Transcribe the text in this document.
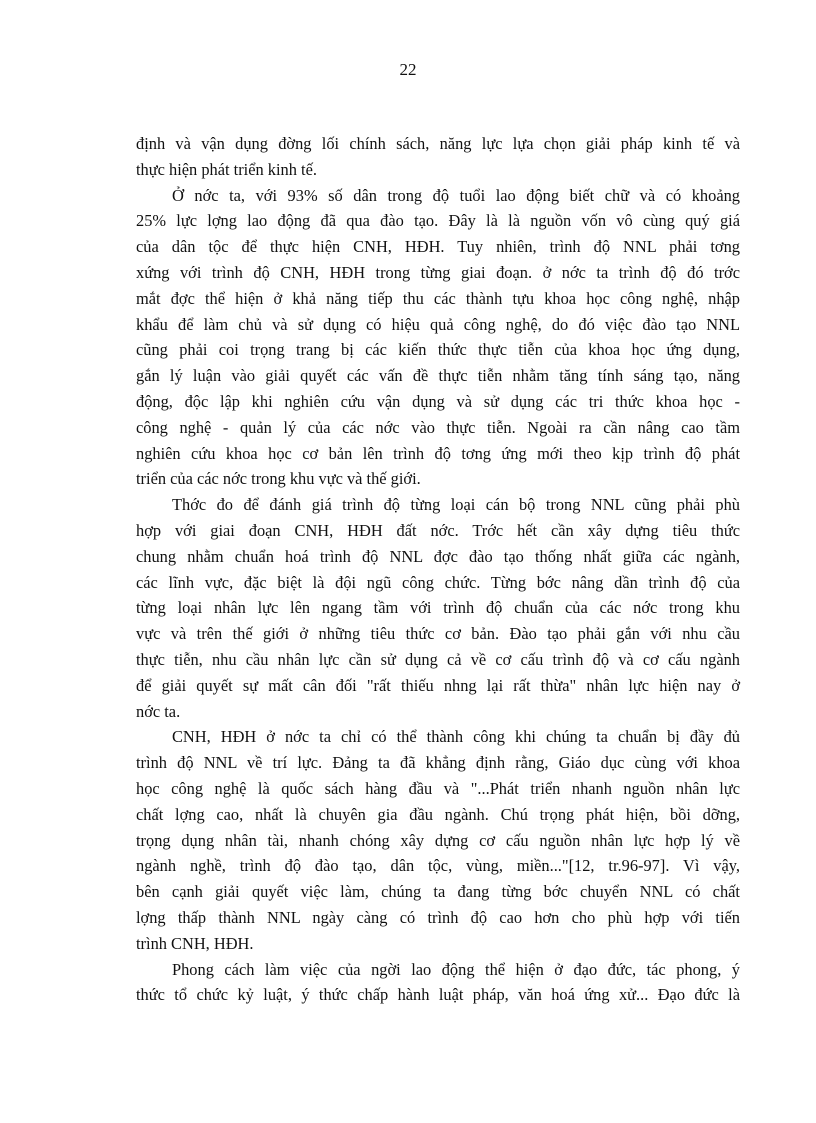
22
định và vận dụng đờng lối chính sách, năng lực lựa chọn giải pháp kinh tế và
thực hiện phát triển kinh tế.
Ở nớc ta, với 93% số dân trong độ tuổi lao động biết chữ và có khoảng
25% lực lợng lao động đã qua đào tạo. Đây là là nguồn vốn vô cùng quý giá
của dân tộc để thực hiện CNH, HĐH. Tuy nhiên, trình độ NNL phải tơng
xứng với trình độ CNH, HĐH trong từng giai đoạn. ở nớc ta trình độ đó trớc
mắt đợc thể hiện ở khả năng tiếp thu các thành tựu khoa học công nghệ, nhập
khẩu để làm chủ và sử dụng có hiệu quả công nghệ, do đó việc đào tạo NNL
cũng phải coi trọng trang bị các kiến thức thực tiễn của khoa học ứng dụng,
gắn lý luận vào giải quyết các vấn đề thực tiễn nhằm tăng tính sáng tạo, năng
động, độc lập khi nghiên cứu vận dụng và sử dụng các tri thức khoa học -
công nghệ - quản lý của các nớc vào thực tiễn. Ngoài ra cần nâng cao tầm
nghiên cứu khoa học cơ bản lên trình độ tơng ứng mới theo kịp trình độ phát
triển của các nớc trong khu vực và thế giới.
Thớc đo để đánh giá trình độ từng loại cán bộ trong NNL cũng phải phù
hợp với giai đoạn CNH, HĐH đất nớc. Trớc hết cần xây dựng tiêu thức
chung nhằm chuẩn hoá trình độ NNL đợc đào tạo thống nhất giữa các ngành,
các lĩnh vực, đặc biệt là đội ngũ công chức. Từng bớc nâng dần trình độ của
từng loại nhân lực lên ngang tầm với trình độ chuẩn của các nớc trong khu
vực và trên thế giới ở những tiêu thức cơ bản. Đào tạo phải gắn với nhu cầu
thực tiễn, nhu cầu nhân lực cần sử dụng cả về cơ cấu trình độ và cơ cấu ngành
để giải quyết sự mất cân đối "rất thiếu nhng lại rất thừa" nhân lực hiện nay ở
nớc ta.
CNH, HĐH ở nớc ta chỉ có thể thành công khi chúng ta chuẩn bị đầy đủ
trình độ NNL về trí lực. Đảng ta đã khẳng định rằng, Giáo dục cùng với khoa
học công nghệ là quốc sách hàng đầu và "...Phát triển nhanh nguồn nhân lực
chất lợng cao, nhất là chuyên gia đầu ngành. Chú trọng phát hiện, bồi dỡng,
trọng dụng nhân tài, nhanh chóng xây dựng cơ cấu nguồn nhân lực hợp lý về
ngành nghề, trình độ đào tạo, dân tộc, vùng, miền..."[12, tr.96-97]. Vì vậy,
bên cạnh giải quyết việc làm, chúng ta đang từng bớc chuyển NNL có chất
lợng thấp thành NNL ngày càng có trình độ cao hơn cho phù hợp với tiến
trình CNH, HĐH.
Phong cách làm việc của ngời lao động thể hiện ở đạo đức, tác phong, ý
thức tổ chức kỷ luật, ý thức chấp hành luật pháp, văn hoá ứng xử... Đạo đức là
